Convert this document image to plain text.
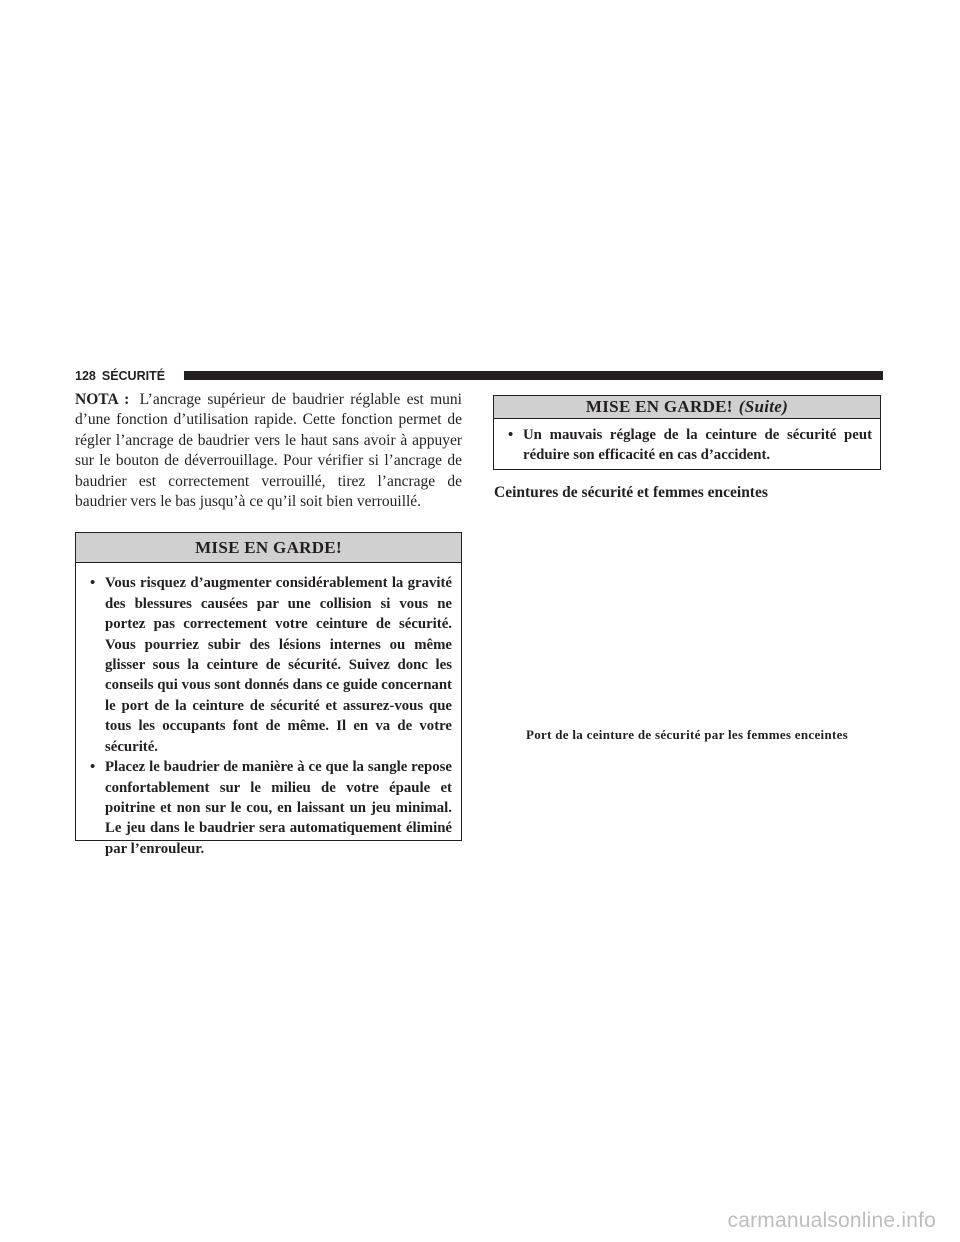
128 SÉCURITÉ

NOTA : L’ancrage supérieur de baudrier réglable est muni d’une fonction d’utilisation rapide. Cette fonction permet de régler l’ancrage de baudrier vers le haut sans avoir à appuyer sur le bouton de déverrouillage. Pour vérifier si l’ancrage de baudrier est correctement verrouillé, tirez l’ancrage de baudrier vers le bas jusqu’à ce qu’il soit bien verrouillé.

MISE EN GARDE!
• Vous risquez d’augmenter considérablement la gravité des blessures causées par une collision si vous ne portez pas correctement votre ceinture de sécurité. Vous pourriez subir des lésions internes ou même glisser sous la ceinture de sécurité. Suivez donc les conseils qui vous sont donnés dans ce guide concernant le port de la ceinture de sécurité et assurez-vous que tous les occupants font de même. Il en va de votre sécurité.
• Placez le baudrier de manière à ce que la sangle repose confortablement sur le milieu de votre épaule et poitrine et non sur le cou, en laissant un jeu minimal. Le jeu dans le baudrier sera automatiquement éliminé par l’enrouleur.
MISE EN GARDE! (Suite)
• Un mauvais réglage de la ceinture de sécurité peut réduire son efficacité en cas d’accident.
Ceintures de sécurité et femmes enceintes
Port de la ceinture de sécurité par les femmes enceintes
carmanualsonline.info
